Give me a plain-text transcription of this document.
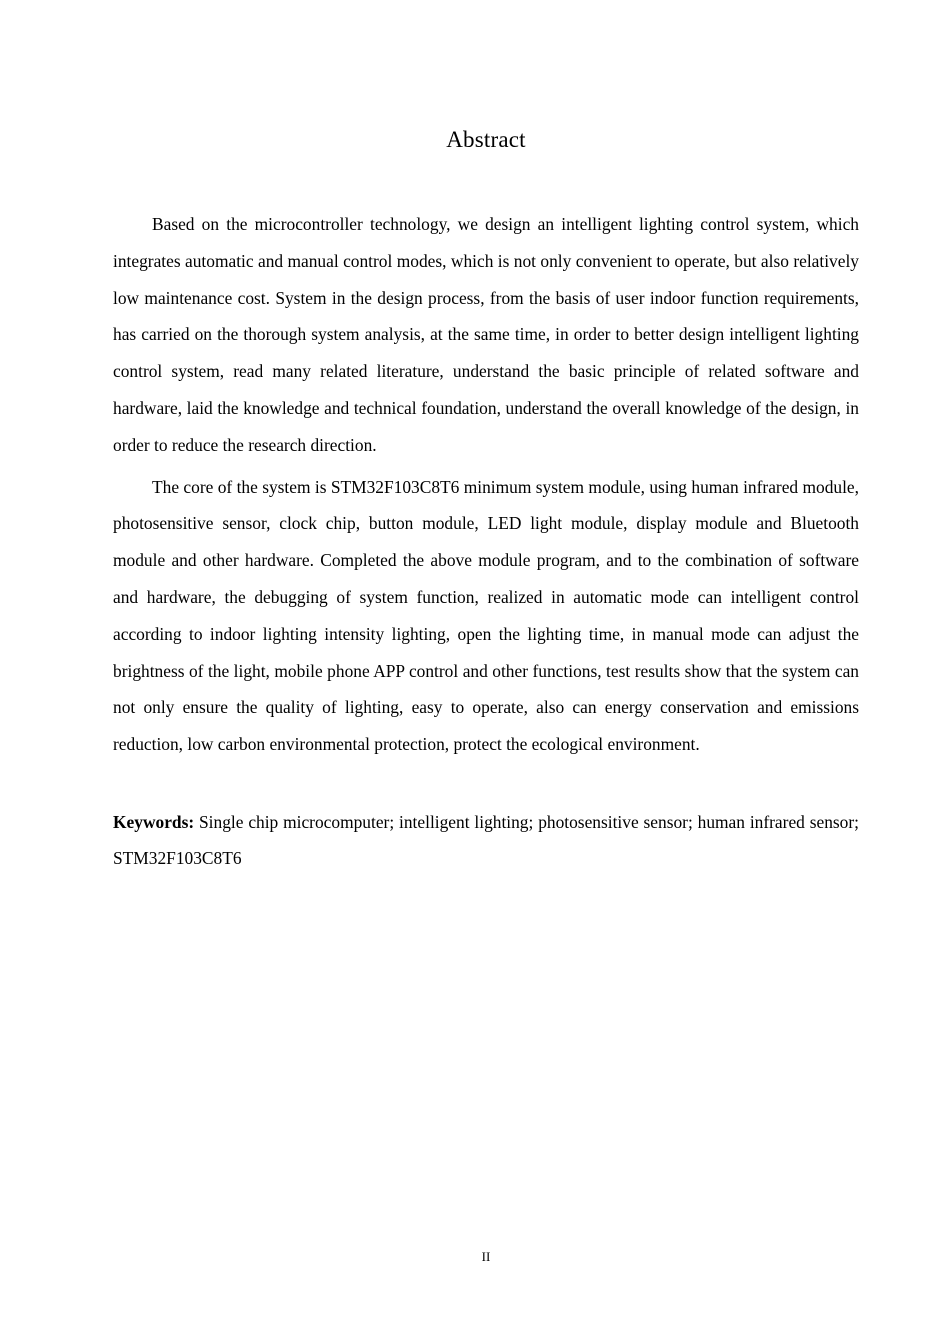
Abstract

Based on the microcontroller technology, we design an intelligent lighting control system, which integrates automatic and manual control modes, which is not only convenient to operate, but also relatively low maintenance cost. System in the design process, from the basis of user indoor function requirements, has carried on the thorough system analysis, at the same time, in order to better design intelligent lighting control system, read many related literature, understand the basic principle of related software and hardware, laid the knowledge and technical foundation, understand the overall knowledge of the design, in order to reduce the research direction.

The core of the system is STM32F103C8T6 minimum system module, using human infrared module, photosensitive sensor, clock chip, button module, LED light module, display module and Bluetooth module and other hardware. Completed the above module program, and to the combination of software and hardware, the debugging of system function, realized in automatic mode can intelligent control according to indoor lighting intensity lighting, open the lighting time, in manual mode can adjust the brightness of the light, mobile phone APP control and other functions, test results show that the system can not only ensure the quality of lighting, easy to operate, also can energy conservation and emissions reduction, low carbon environmental protection, protect the ecological environment.

Keywords: Single chip microcomputer; intelligent lighting; photosensitive sensor; human infrared sensor; STM32F103C8T6

II
